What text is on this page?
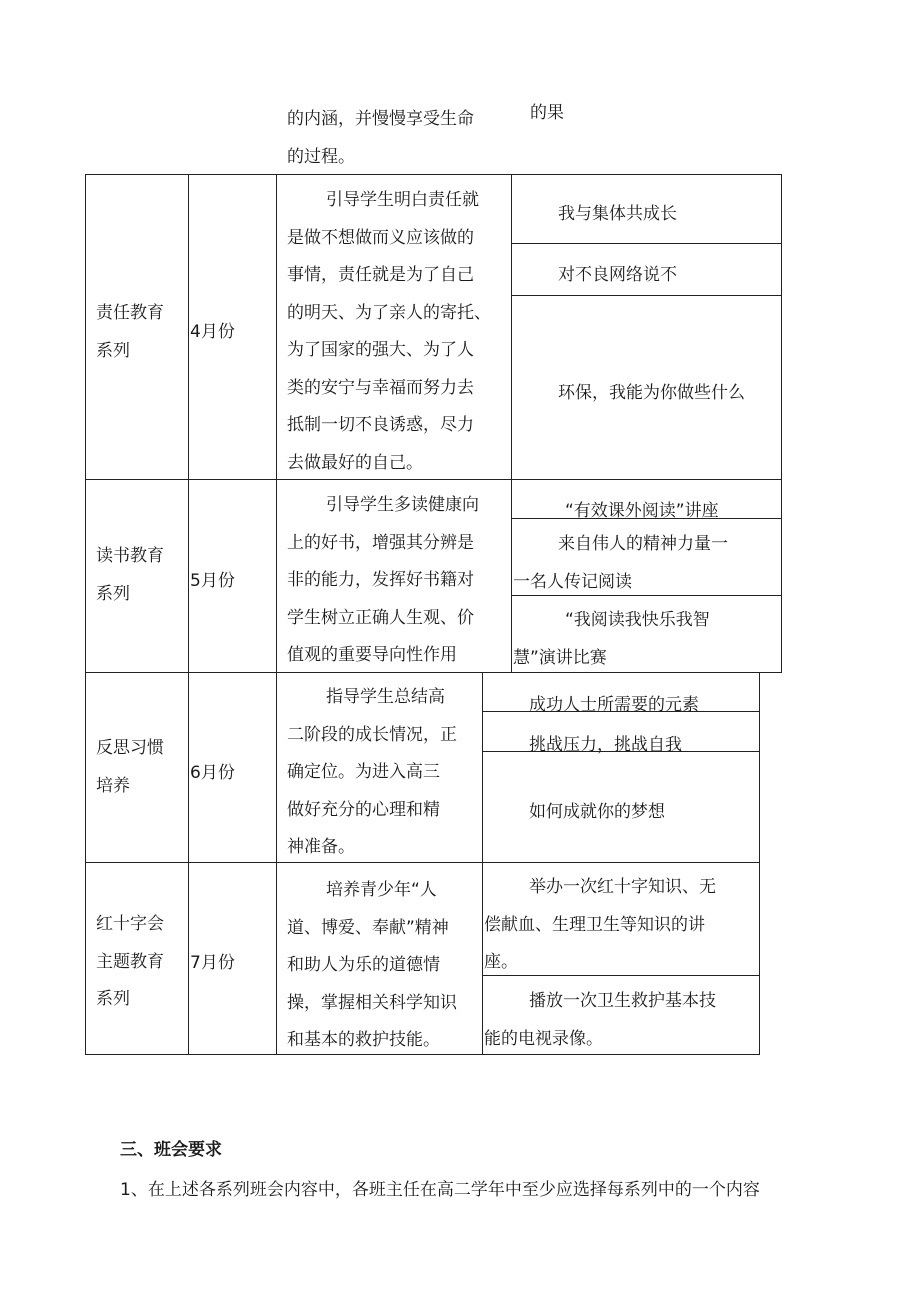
的内涵，并慢慢享受生命
的过程。
的果
责任教育
系列
4月份
引导学生明白责任就
是做不想做而义应该做的
事情，责任就是为了自己
的明天、为了亲人的寄托、
为了国家的强大、为了人
类的安宁与幸福而努力去
抵制一切不良诱惑，尽力
去做最好的自己。
我与集体共成长
对不良网络说不
环保，我能为你做些什么
读书教育
系列
5月份
引导学生多读健康向
上的好书，增强其分辨是
非的能力，发挥好书籍对
学生树立正确人生观、价
值观的重要导向性作用
“有效课外阅读”讲座
来自伟人的精神力量一
一名人传记阅读
“我阅读我快乐我智
慧”演讲比赛
反思习惯
培养
6月份
指导学生总结高
二阶段的成长情况，正
确定位。为进入高三
做好充分的心理和精
神准备。
成功人士所需要的元素
挑战压力，挑战自我
如何成就你的梦想
红十字会
主题教育
系列
7月份
培养青少年“人
道、博爱、奉献”精神
和助人为乐的道德情
操，掌握相关科学知识
和基本的救护技能。
举办一次红十字知识、无
偿献血、生理卫生等知识的讲
座。
播放一次卫生救护基本技
能的电视录像。
三、班会要求
1、在上述各系列班会内容中，各班主任在高二学年中至少应选择每系列中的一个内容
